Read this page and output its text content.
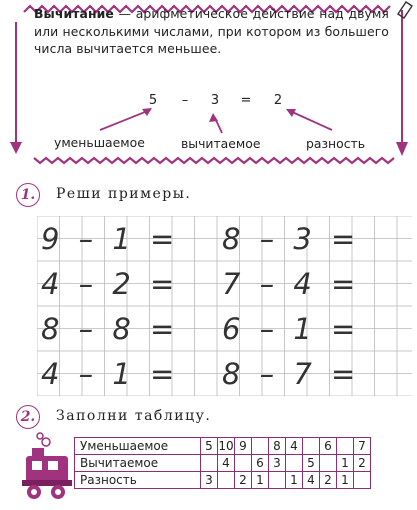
Вычитание — арифметическое действие над двумя или несколькими числами, при котором из большего числа вычитается меньшее.
5	–	3	=	2
уменьшаемое	вычитаемое	разность
1.	Реши примеры.
9 – 1 = 8 – 3 =
4 – 2 = 7 – 4 =
8 – 8 = 6 – 1 =
4 – 1 = 8 – 7 =
2.	Заполни таблицу.
Уменьшаемое	5	10	9		8	4		6		7
Вычитаемое		4		6	3		5		1	2
Разность	3		2	1		1	4	2	1	
